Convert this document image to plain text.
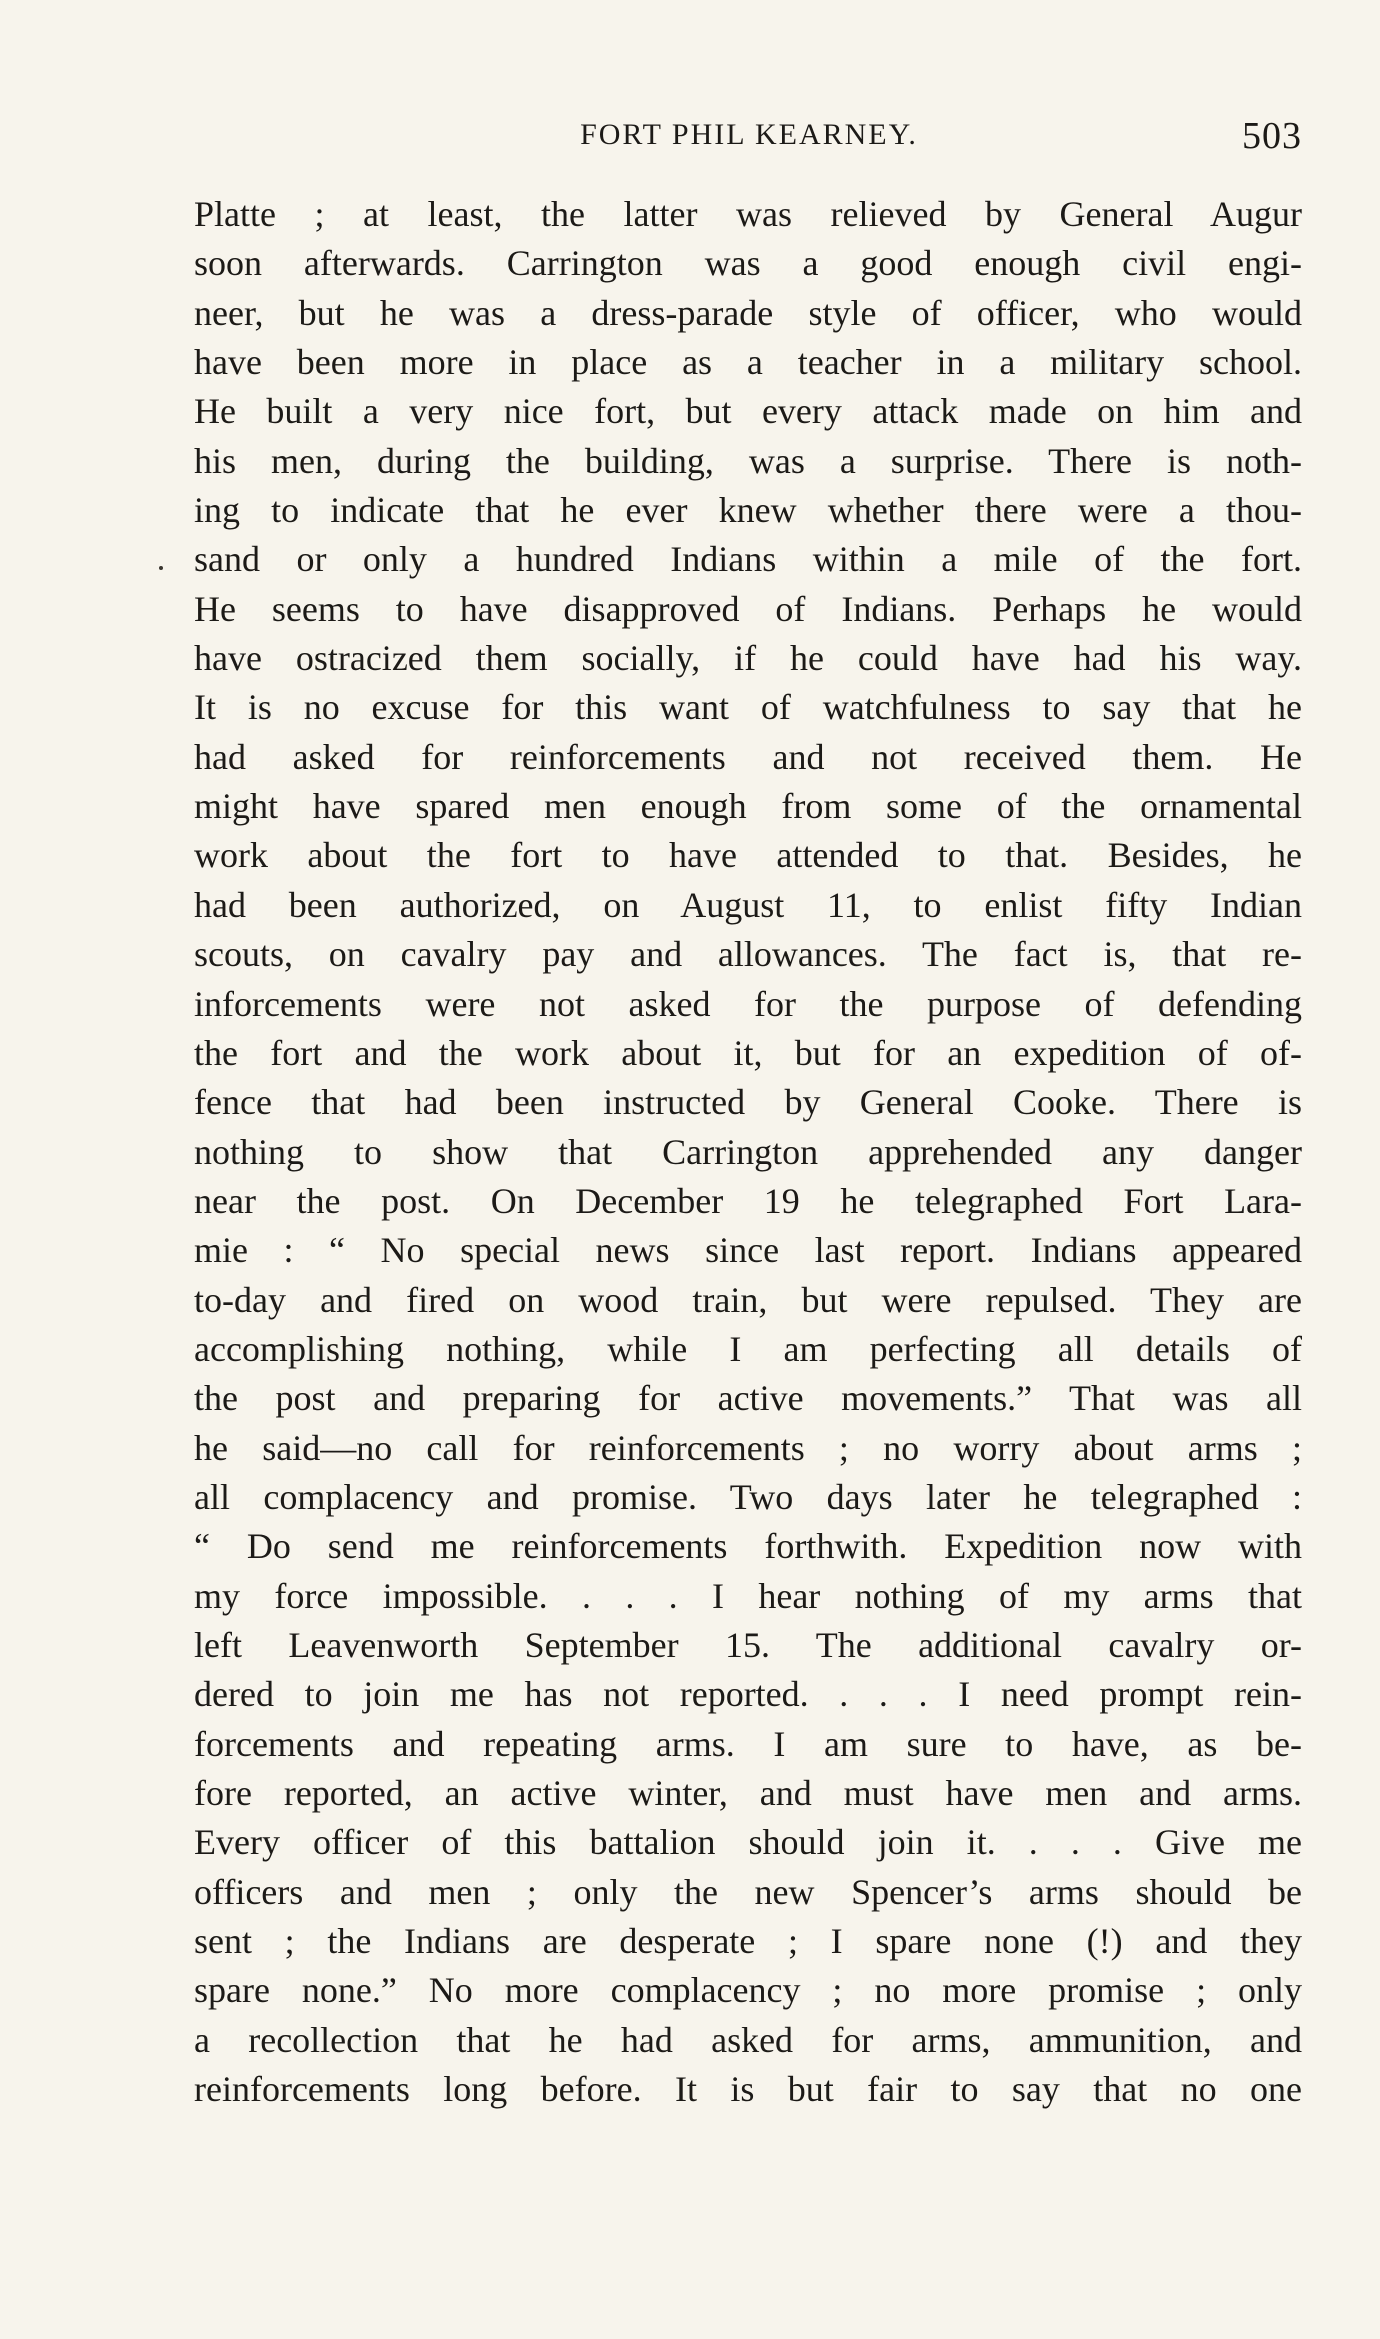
FORT PHIL KEARNEY.	503
Platte ; at least, the latter was relieved by General Augur
soon afterwards. Carrington was a good enough civil engi-
neer, but he was a dress-parade style of officer, who would
have been more in place as a teacher in a military school.
He built a very nice fort, but every attack made on him and
his men, during the building, was a surprise. There is noth-
ing to indicate that he ever knew whether there were a thou-
sand or only a hundred Indians within a mile of the fort.
He seems to have disapproved of Indians. Perhaps he would
have ostracized them socially, if he could have had his way.
It is no excuse for this want of watchfulness to say that he
had asked for reinforcements and not received them. He
might have spared men enough from some of the ornamental
work about the fort to have attended to that. Besides, he
had been authorized, on August 11, to enlist fifty Indian
scouts, on cavalry pay and allowances. The fact is, that re-
inforcements were not asked for the purpose of defending
the fort and the work about it, but for an expedition of of-
fence that had been instructed by General Cooke. There is
nothing to show that Carrington apprehended any danger
near the post. On December 19 he telegraphed Fort Lara-
mie : “ No special news since last report. Indians appeared
to-day and fired on wood train, but were repulsed. They are
accomplishing nothing, while I am perfecting all details of
the post and preparing for active movements.” That was all
he said—no call for reinforcements ; no worry about arms ;
all complacency and promise. Two days later he telegraphed :
“ Do send me reinforcements forthwith. Expedition now with
my force impossible. . . . I hear nothing of my arms that
left Leavenworth September 15. The additional cavalry or-
dered to join me has not reported. . . . I need prompt rein-
forcements and repeating arms. I am sure to have, as be-
fore reported, an active winter, and must have men and arms.
Every officer of this battalion should join it. . . . Give me
officers and men ; only the new Spencer’s arms should be
sent ; the Indians are desperate ; I spare none (!) and they
spare none.” No more complacency ; no more promise ; only
a recollection that he had asked for arms, ammunition, and
reinforcements long before. It is but fair to say that no one
